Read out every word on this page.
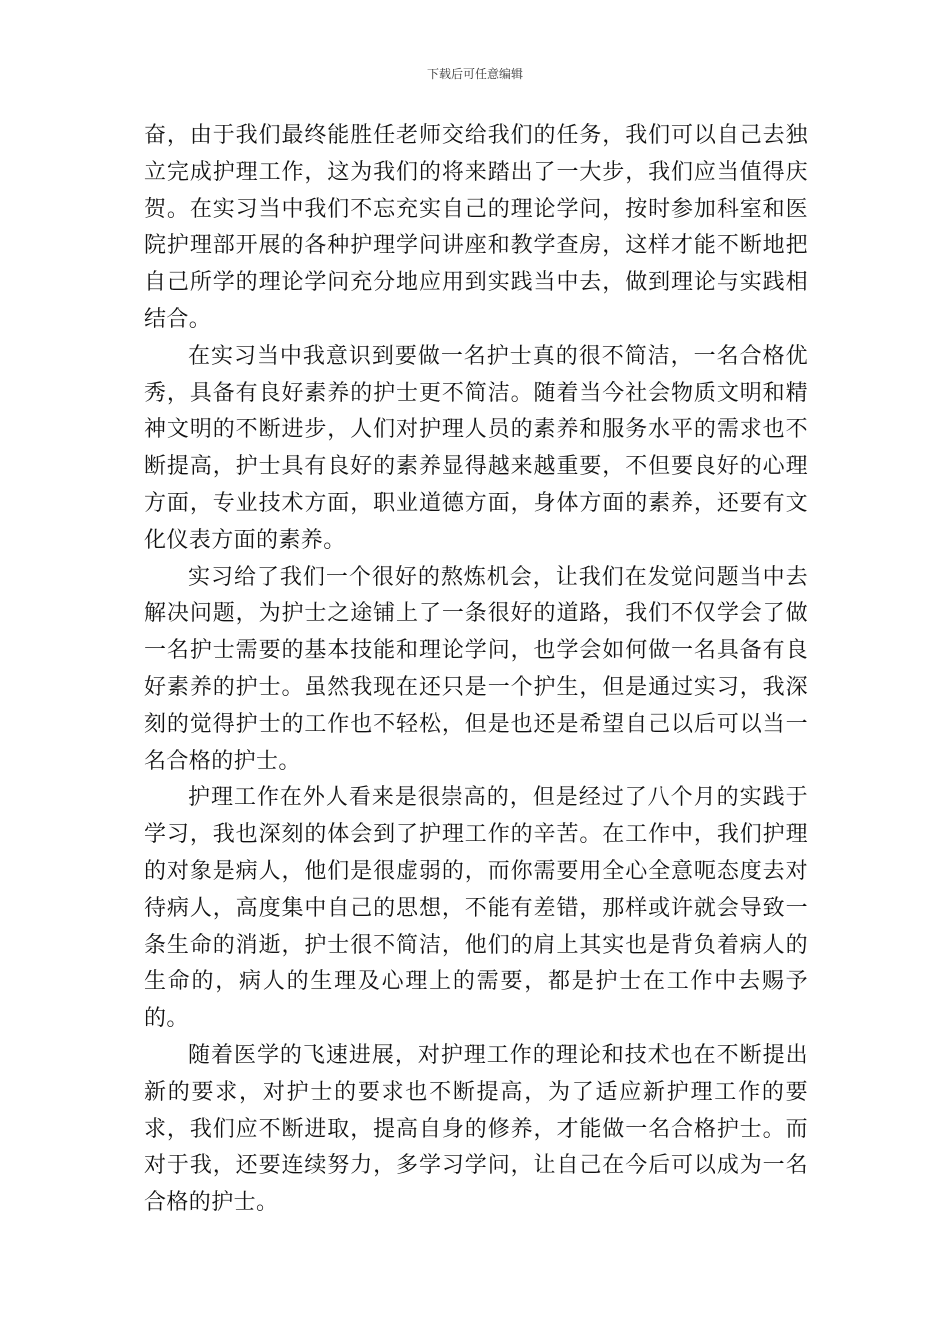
下载后可任意编辑

奋，由于我们最终能胜任老师交给我们的任务，我们可以自己去独立完成护理工作，这为我们的将来踏出了一大步，我们应当值得庆贺。在实习当中我们不忘充实自己的理论学问，按时参加科室和医院护理部开展的各种护理学问讲座和教学查房，这样才能不断地把自己所学的理论学问充分地应用到实践当中去，做到理论与实践相结合。

在实习当中我意识到要做一名护士真的很不简洁，一名合格优秀，具备有良好素养的护士更不简洁。随着当今社会物质文明和精神文明的不断进步，人们对护理人员的素养和服务水平的需求也不断提高，护士具有良好的素养显得越来越重要，不但要良好的心理方面，专业技术方面，职业道德方面，身体方面的素养，还要有文化仪表方面的素养。

实习给了我们一个很好的熬炼机会，让我们在发觉问题当中去解决问题，为护士之途铺上了一条很好的道路，我们不仅学会了做一名护士需要的基本技能和理论学问，也学会如何做一名具备有良好素养的护士。虽然我现在还只是一个护生，但是通过实习，我深刻的觉得护士的工作也不轻松，但是也还是希望自己以后可以当一名合格的护士。

护理工作在外人看来是很崇高的，但是经过了八个月的实践于学习，我也深刻的体会到了护理工作的辛苦。在工作中，我们护理的对象是病人，他们是很虚弱的，而你需要用全心全意呃态度去对待病人，高度集中自己的思想，不能有差错，那样或许就会导致一条生命的消逝，护士很不简洁，他们的肩上其实也是背负着病人的生命的，病人的生理及心理上的需要，都是护士在工作中去赐予的。

随着医学的飞速进展，对护理工作的理论和技术也在不断提出新的要求，对护士的要求也不断提高，为了适应新护理工作的要求，我们应不断进取，提高自身的修养，才能做一名合格护士。而对于我，还要连续努力，多学习学问，让自己在今后可以成为一名合格的护士。
